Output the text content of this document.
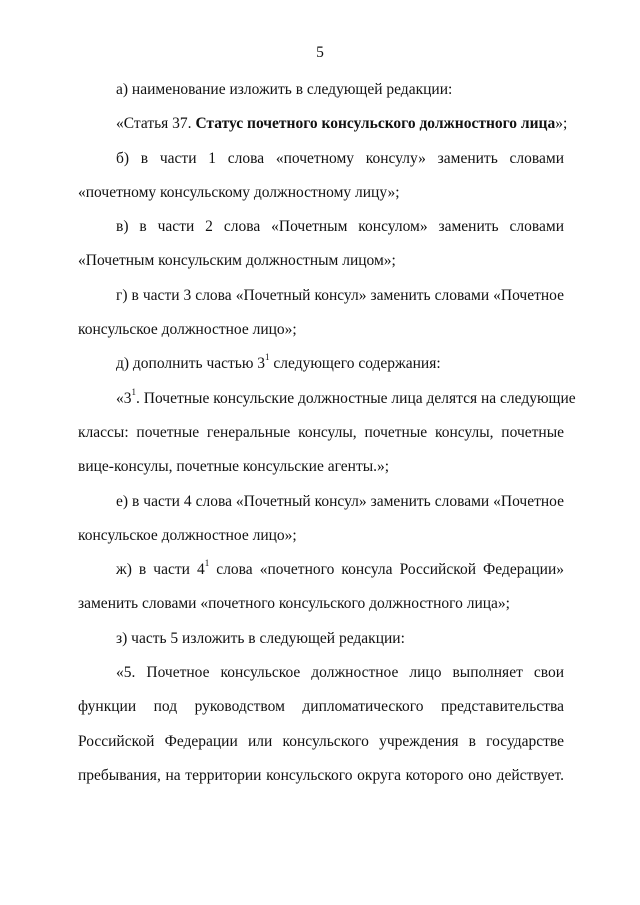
5
а) наименование изложить в следующей редакции:
«Статья 37. Статус почетного консульского должностного лица»;
б) в части 1 слова «почетному консулу» заменить словами
«почетному консульскому должностному лицу»;
в) в части 2 слова «Почетным консулом» заменить словами
«Почетным консульским должностным лицом»;
г) в части 3 слова «Почетный консул» заменить словами «Почетное
консульское должностное лицо»;
д) дополнить частью $3^1$ следующего содержания:
«$3^1$. Почетные консульские должностные лица делятся на следующие
классы: почетные генеральные консулы, почетные консулы, почетные
вице-консулы, почетные консульские агенты.»;
е) в части 4 слова «Почетный консул» заменить словами «Почетное
консульское должностное лицо»;
ж) в части $4^1$ слова «почетного консула Российской Федерации»
заменить словами «почетного консульского должностного лица»;
з) часть 5 изложить в следующей редакции:
«5. Почетное консульское должностное лицо выполняет свои
функции под руководством дипломатического представительства
Российской Федерации или консульского учреждения в государстве
пребывания, на территории консульского округа которого оно действует.
